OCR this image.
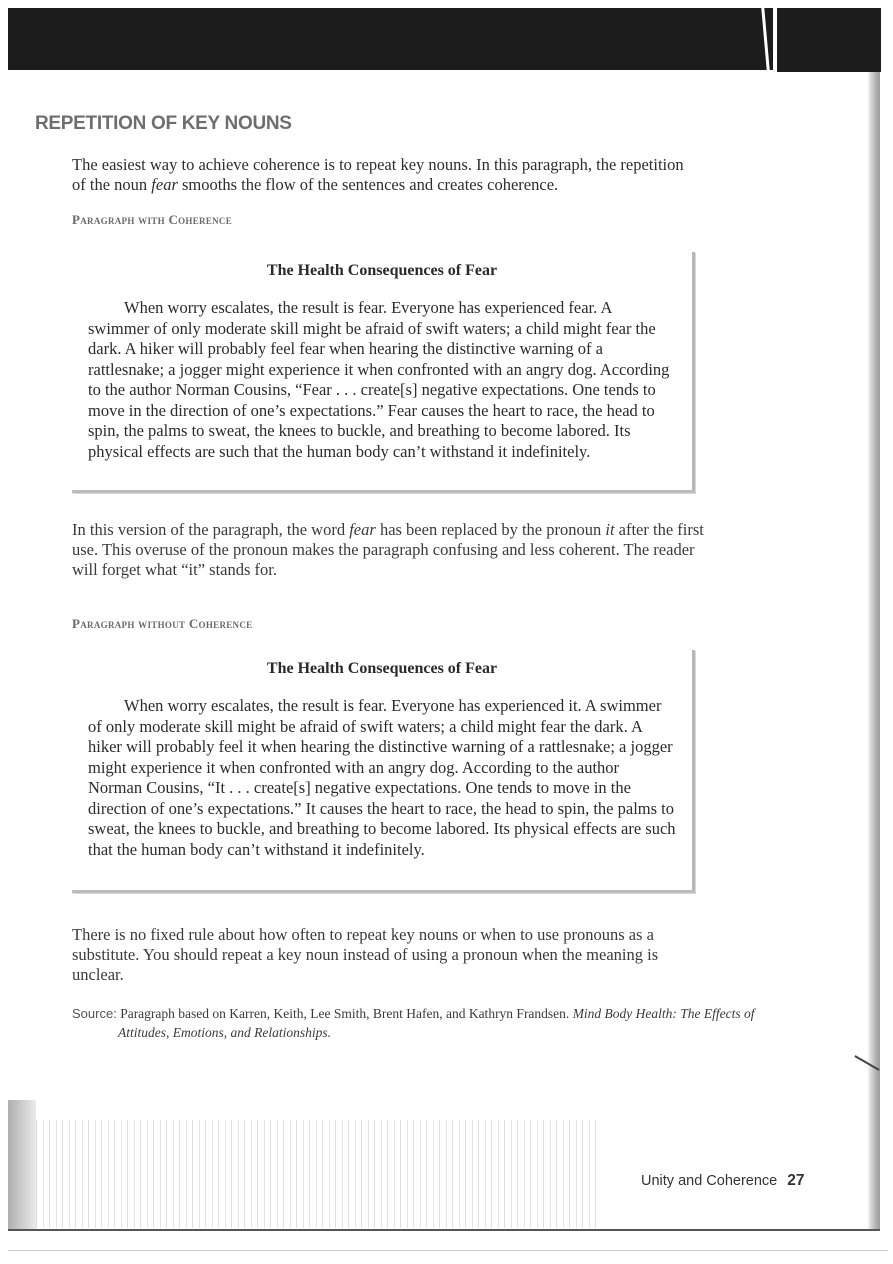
REPETITION OF KEY NOUNS

The easiest way to achieve coherence is to repeat key nouns. In this paragraph, the repetition of the noun fear smooths the flow of the sentences and creates coherence.

Paragraph with Coherence
The Health Consequences of Fear

When worry escalates, the result is fear. Everyone has experienced fear. A swimmer of only moderate skill might be afraid of swift waters; a child might fear the dark. A hiker will probably feel fear when hearing the distinctive warning of a rattlesnake; a jogger might experience it when confronted with an angry dog. According to the author Norman Cousins, “Fear . . . create[s] negative expectations. One tends to move in the direction of one’s expectations.” Fear causes the heart to race, the head to spin, the palms to sweat, the knees to buckle, and breathing to become labored. Its physical effects are such that the human body can’t withstand it indefinitely.

In this version of the paragraph, the word fear has been replaced by the pronoun it after the first use. This overuse of the pronoun makes the paragraph confusing and less coherent. The reader will forget what “it” stands for.

Paragraph without Coherence
The Health Consequences of Fear

When worry escalates, the result is fear. Everyone has experienced it. A swimmer of only moderate skill might be afraid of swift waters; a child might fear the dark. A hiker will probably feel it when hearing the distinctive warning of a rattlesnake; a jogger might experience it when confronted with an angry dog. According to the author Norman Cousins, “It . . . create[s] negative expectations. One tends to move in the direction of one’s expectations.” It causes the heart to race, the head to spin, the palms to sweat, the knees to buckle, and breathing to become labored. Its physical effects are such that the human body can’t withstand it indefinitely.

There is no fixed rule about how often to repeat key nouns or when to use pronouns as a substitute. You should repeat a key noun instead of using a pronoun when the meaning is unclear.

Source: Paragraph based on Karren, Keith, Lee Smith, Brent Hafen, and Kathryn Frandsen. Mind Body Health: The Effects of Attitudes, Emotions, and Relationships.

Unity and Coherence 27
